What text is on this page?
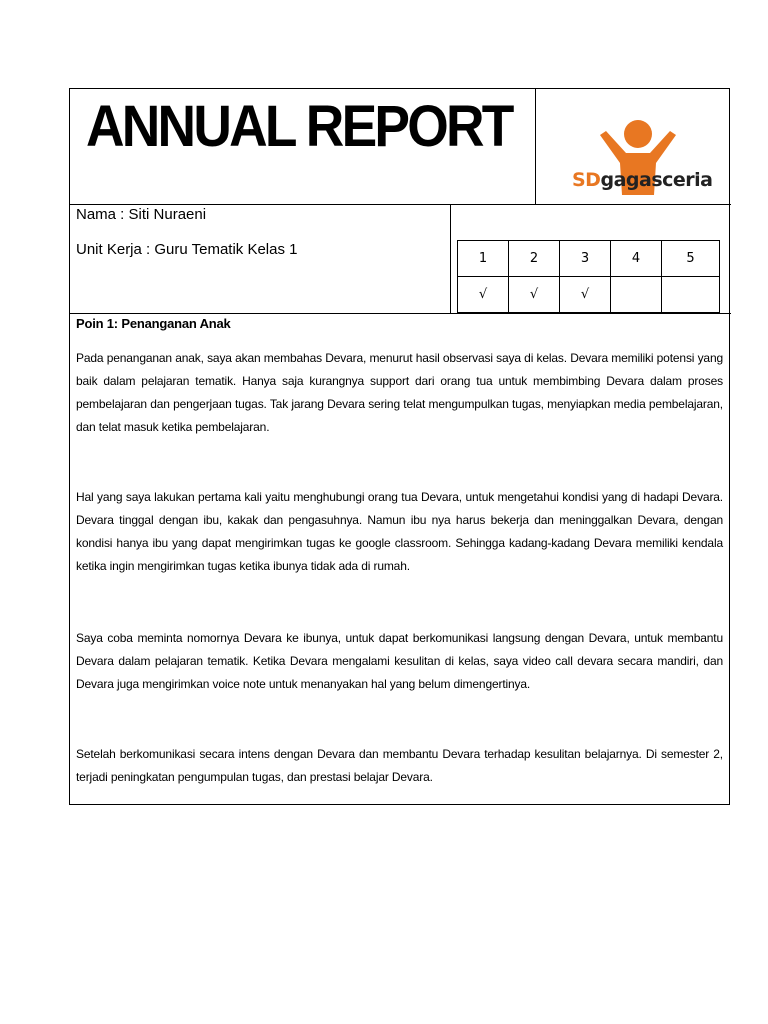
ANNUAL REPORT
SDgagasceria
Nama : Siti Nuraeni
Unit Kerja : Guru Tematik Kelas 1
1	2	3	4	5
√	√	√		
Poin 1: Penanganan Anak
Pada penanganan anak, saya akan membahas Devara, menurut hasil observasi saya di kelas. Devara memiliki potensi yang baik dalam pelajaran tematik. Hanya saja kurangnya support dari orang tua untuk membimbing Devara dalam proses pembelajaran dan pengerjaan tugas. Tak jarang Devara sering telat mengumpulkan tugas, menyiapkan media pembelajaran, dan telat masuk ketika pembelajaran.
Hal yang saya lakukan pertama kali yaitu menghubungi orang tua Devara, untuk mengetahui kondisi yang di hadapi Devara. Devara tinggal dengan ibu, kakak dan pengasuhnya. Namun ibu nya harus bekerja dan meninggalkan Devara, dengan kondisi hanya ibu yang dapat mengirimkan tugas ke google classroom. Sehingga kadang-kadang Devara memiliki kendala ketika ingin mengirimkan tugas ketika ibunya tidak ada di rumah.
Saya coba meminta nomornya Devara ke ibunya, untuk dapat berkomunikasi langsung dengan Devara, untuk membantu Devara dalam pelajaran tematik. Ketika Devara mengalami kesulitan di kelas, saya video call devara secara mandiri, dan Devara juga mengirimkan voice note untuk menanyakan hal yang belum dimengertinya.
Setelah berkomunikasi secara intens dengan Devara dan membantu Devara terhadap kesulitan belajarnya. Di semester 2, terjadi peningkatan pengumpulan tugas, dan prestasi belajar Devara.
